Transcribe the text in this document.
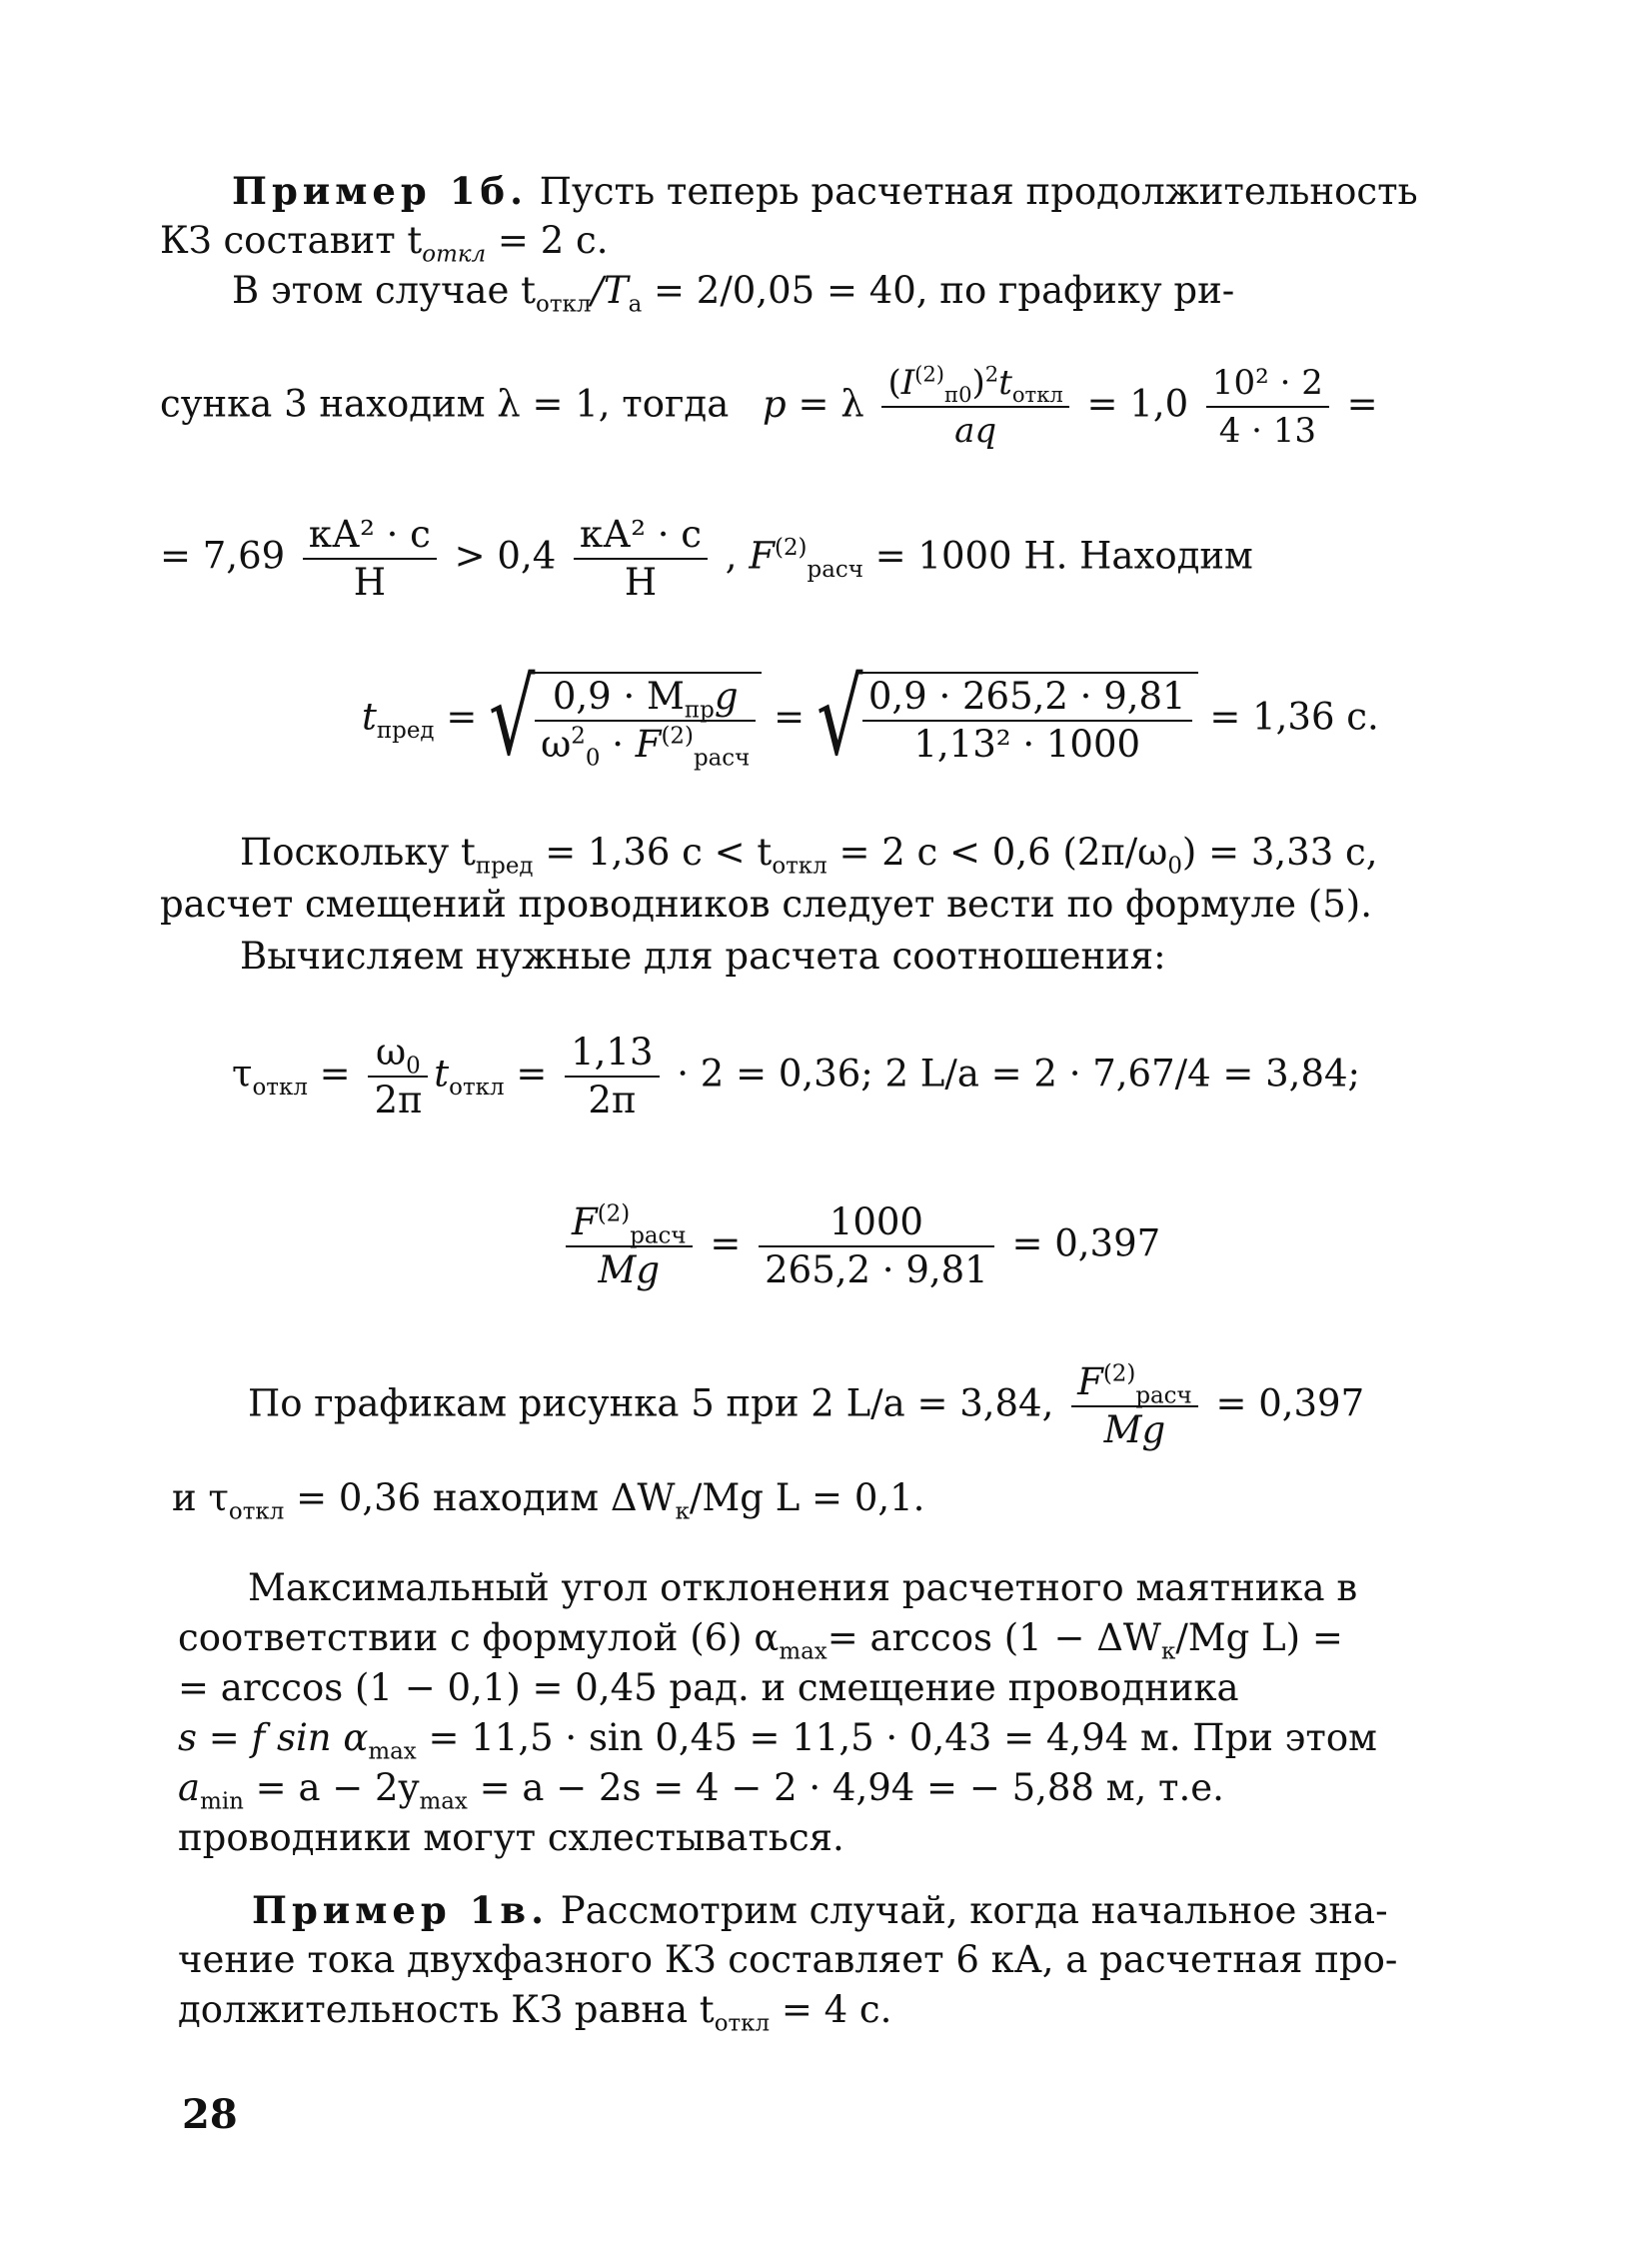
Пример 1б. Пусть теперь расчетная продолжительность
КЗ составит $t_{откл} = 2$ с.
В этом случае $t_{откл}/T_а = 2/0,05 = 40$, по графику ри-
сунка 3 находим λ = 1, тогда p = λ $\frac{(I^{(2)}_{п0})^2t_{откл}}{aq} = 1,0 \frac{\text{10² · 2}}{4 \cdot 13}$ =
= $7,69 \frac{\text{кА² · с}}{Н} > 0,4 \frac{\text{кА² · с}}{Н}$ , $F^{(2)}_{расч} = 1000$ Н. Находим
$t_{пред}$ = √ $\frac{0,9 \cdot M_{пр}g}{\omega^2_0 \cdot F^{(2)}_{расч}}$ = √ $\frac{0,9 \cdot 265,2 \cdot 9,81}{\text{1,13² · 1000}} = 1,36$ с.
Поскольку $t_{пред} = 1,36$ $с < t_{откл} = 2$ с < 0,6 $(2\pi/\omega_0) = 3,33$ с,
расчет смещений проводников следует вести по формуле (5).
Вычисляем нужные для расчета соотношения:
$\tau_{откл} = \frac{\omega_0}{2\pi} t_{откл} = \frac{1,13}{2\pi} \cdot 2 = 0,36$; 2 L/a = 2 · 7,67/4 = 3,84;
$\frac{F^{(2)}_{расч}}{Mg} = \frac{1000}{265,2 \cdot 9,81} = 0,397$
По графикам рисунка 5 при 2 L/a = 3,84, $\frac{F^{(2)}_{расч}}{Mg} = 0,397$
и $\tau_{откл} = 0,36$ находим $\Delta W_к/Mg$ L = 0,1.
Максимальный угол отклонения расчетного маятника в
соответствии с формулой (6) $\alpha_{max}= \arccos (1 - \Delta W_к/Mg$ L) =
= arccos (1 − 0,1) = 0,45 рад. и смещение проводника
s = f $\sin \alpha_{max} = 11,5 \cdot \sin 0,45 = 11,5 \cdot 0,43 = 4,94$ м. При этом
$a_{min} = a - 2y_{max} = a - 2s = 4 - 2 \cdot 4,94$ = − 5,88 м, т.е.
проводники могут схлестываться.
Пример 1в. Рассмотрим случай, когда начальное зна-
чение тока двухфазного КЗ составляет 6 кА, а расчетная про-
должительность КЗ равна $t_{откл} = 4$ с.
28
